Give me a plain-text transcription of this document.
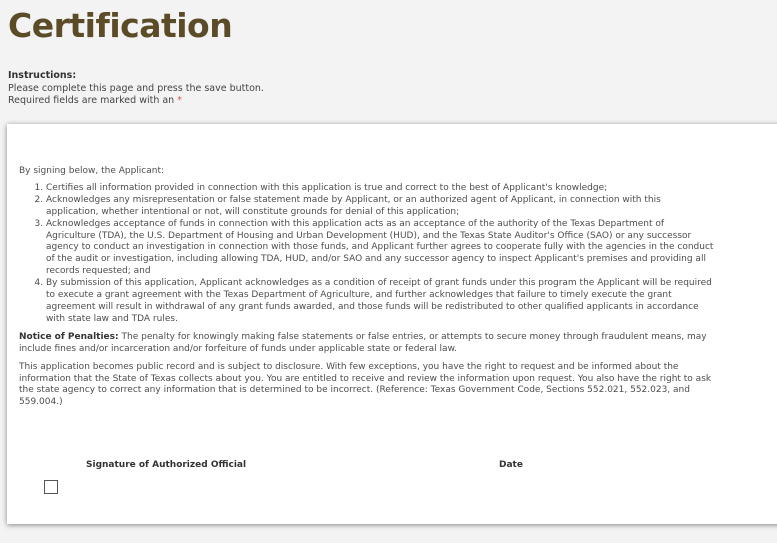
Certification
Instructions:
Please complete this page and press the save button.
Required fields are marked with an *

By signing below, the Applicant:

1. Certifies all information provided in connection with this application is true and correct to the best of Applicant's knowledge;
2. Acknowledges any misrepresentation or false statement made by Applicant, or an authorized agent of Applicant, in connection with this application, whether intentional or not, will constitute grounds for denial of this application;
3. Acknowledges acceptance of funds in connection with this application acts as an acceptance of the authority of the Texas Department of Agriculture (TDA), the U.S. Department of Housing and Urban Development (HUD), and the Texas State Auditor's Office (SAO) or any successor agency to conduct an investigation in connection with those funds, and Applicant further agrees to cooperate fully with the agencies in the conduct of the audit or investigation, including allowing TDA, HUD, and/or SAO and any successor agency to inspect Applicant's premises and providing all records requested; and
4. By submission of this application, Applicant acknowledges as a condition of receipt of grant funds under this program the Applicant will be required to execute a grant agreement with the Texas Department of Agriculture, and further acknowledges that failure to timely execute the grant agreement will result in withdrawal of any grant funds awarded, and those funds will be redistributed to other qualified applicants in accordance with state law and TDA rules.

Notice of Penalties: The penalty for knowingly making false statements or false entries, or attempts to secure money through fraudulent means, may include fines and/or incarceration and/or forfeiture of funds under applicable state or federal law.

This application becomes public record and is subject to disclosure. With few exceptions, you have the right to request and be informed about the information that the State of Texas collects about you. You are entitled to receive and review the information upon request. You also have the right to ask the state agency to correct any information that is determined to be incorrect. (Reference: Texas Government Code, Sections 552.021, 552.023, and 559.004.)

Signature of Authorized Official	Date
